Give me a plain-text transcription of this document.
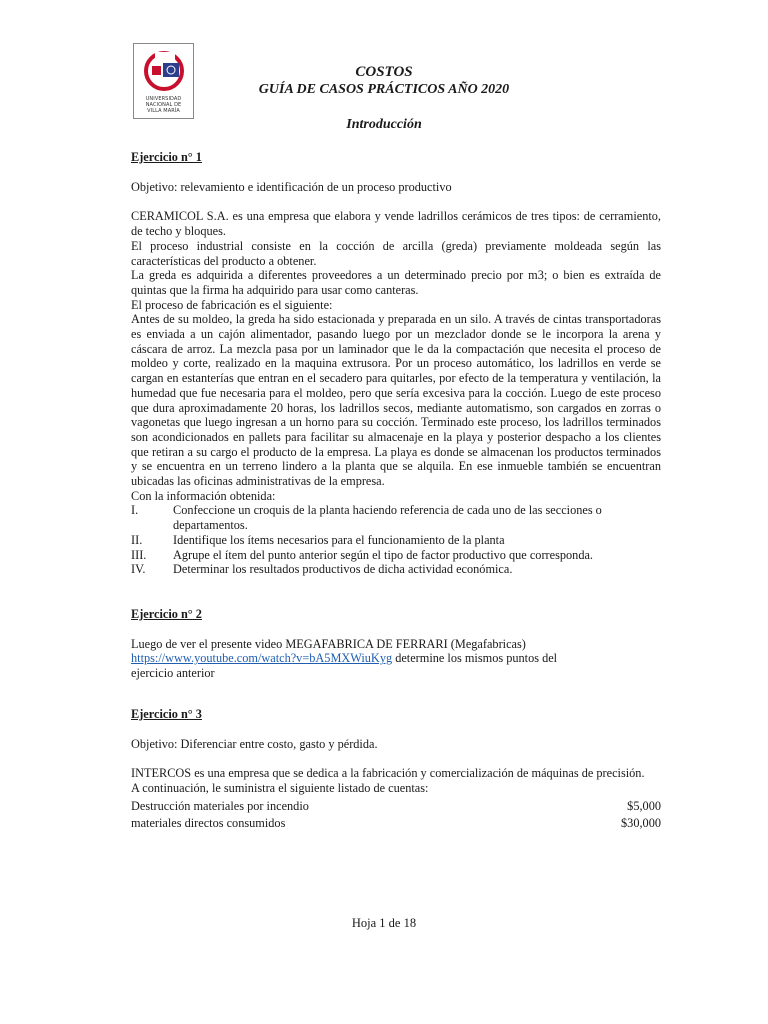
UNIVERSIDAD
NACIONAL DE
VILLA MARÍA
COSTOS
GUÍA DE CASOS PRÁCTICOS AÑO 2020
Introducción

Ejercicio n° 1

Objetivo: relevamiento e identificación de un proceso productivo

CERAMICOL S.A. es una empresa que elabora y vende ladrillos cerámicos de tres tipos: de cerramiento, de techo y bloques.

El proceso industrial consiste en la cocción de arcilla (greda) previamente moldeada según las características del producto a obtener.

La greda es adquirida a diferentes proveedores a un determinado precio por m3; o bien es extraída de quintas que la firma ha adquirido para usar como canteras.

El proceso de fabricación es el siguiente:

Antes de su moldeo, la greda ha sido estacionada y preparada en un silo. A través de cintas transportadoras es enviada a un cajón alimentador, pasando luego por un mezclador donde se le incorpora la arena y cáscara de arroz. La mezcla pasa por un laminador que le da la compactación que necesita el proceso de moldeo y corte, realizado en la maquina extrusora. Por un proceso automático, los ladrillos en verde se cargan en estanterías que entran en el secadero para quitarles, por efecto de la temperatura y ventilación, la humedad que fue necesaria para el moldeo, pero que sería excesiva para la cocción. Luego de este proceso que dura aproximadamente 20 horas, los ladrillos secos, mediante automatismo, son cargados en zorras o vagonetas que luego ingresan a un horno para su cocción. Terminado este proceso, los ladrillos terminados son acondicionados en pallets para facilitar su almacenaje en la playa y posterior despacho a los clientes que retiran a su cargo el producto de la empresa. La playa es donde se almacenan los productos terminados y se encuentra en un terreno lindero a la planta que se alquila. En ese inmueble también se encuentran ubicadas las oficinas administrativas de la empresa.

Con la información obtenida:

I.	Confeccione un croquis de la planta haciendo referencia de cada uno de las secciones o departamentos.
II.	Identifique los ítems necesarios para el funcionamiento de la planta
III.	Agrupe el ítem del punto anterior según el tipo de factor productivo que corresponda.
IV.	Determinar los resultados productivos de dicha actividad económica.

Ejercicio n° 2

Luego de ver el presente video MEGAFABRICA DE FERRARI (Megafabricas)

https://www.youtube.com/watch?v=bA5MXWiuKyg determine los mismos puntos del

ejercicio anterior

Ejercicio n° 3

Objetivo: Diferenciar entre costo, gasto y pérdida.

INTERCOS es una empresa que se dedica a la fabricación y comercialización de máquinas de precisión.

A continuación, le suministra el siguiente listado de cuentas:

Destrucción materiales por incendio	$5,000
materiales directos consumidos	$30,000
Hoja 1 de 18
